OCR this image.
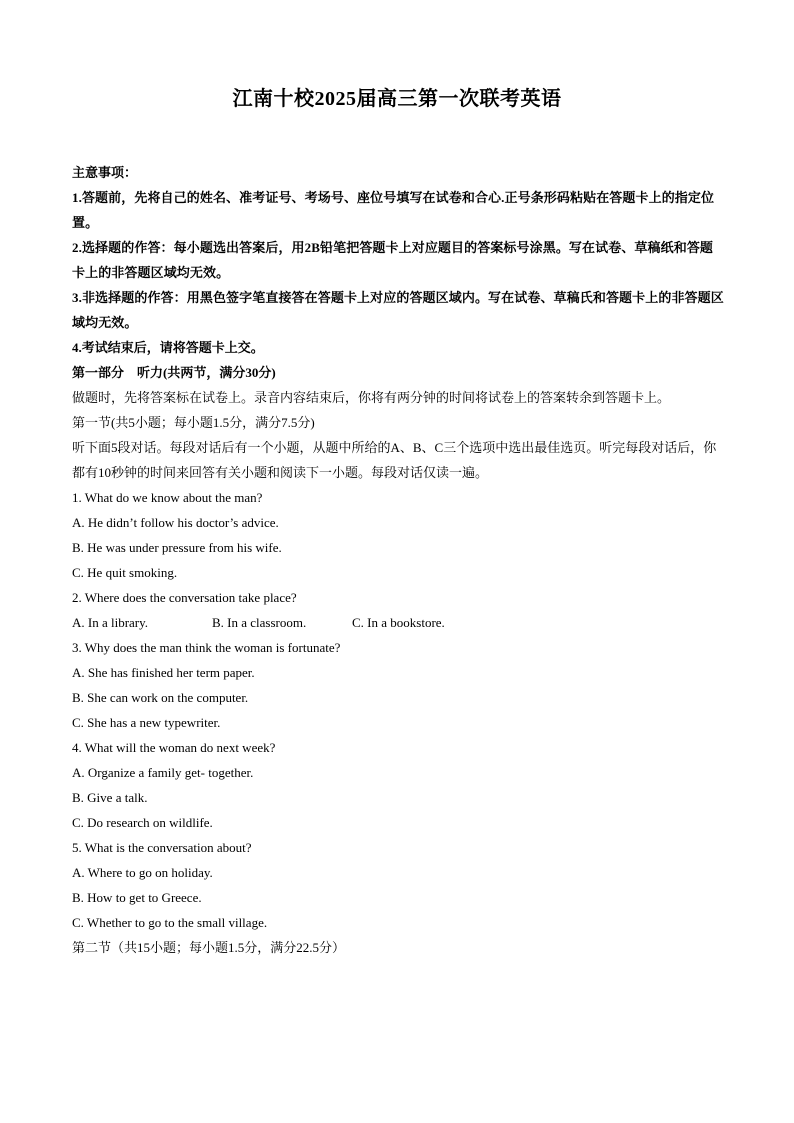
江南十校2025届高三第一次联考英语
主意事项：
1.答题前，先将自己的姓名、准考证号、考场号、座位号填写在试卷和合心.正号条形码粘贴在答题卡上的指定位置。
2.选择题的作答：每小题选出答案后，用2B铅笔把答题卡上对应题目的答案标号涂黑。写在试卷、草稿纸和答题卡上的非答题区域均无效。
3.非选择题的作答：用黑色签字笔直接答在答题卡上对应的答题区域内。写在试卷、草稿氏和答题卡上的非答题区域均无效。
4.考试结束后，请将答题卡上交。
第一部分　听力(共两节，满分30分)
做题时，先将答案标在试卷上。录音内容结束后，你将有两分钟的时间将试卷上的答案转余到答题卡上。
第一节(共5小题；每小题1.5分，满分7.5分)
听下面5段对话。每段对话后有一个小题，从题中所给的A、B、C三个选项中选出最佳选页。听完每段对话后，你都有10秒钟的时间来回答有关小题和阅读下一小题。每段对话仅读一遍。
1. What do we know about the man?
A. He didn’t follow his doctor’s advice.
B. He was under pressure from his wife.
C. He quit smoking.
2. Where does the conversation take place?
A. In a library.	B. In a classroom.	C. In a bookstore.
3. Why does the man think the woman is fortunate?
A. She has finished her term paper.
B. She can work on the computer.
C. She has a new typewriter.
4. What will the woman do next week?
A. Organize a family get- together.
B. Give a talk.
C. Do research on wildlife.
5. What is the conversation about?
A. Where to go on holiday.
B. How to get to Greece.
C. Whether to go to the small village.
第二节（共15小题；每小题1.5分，满分22.5分）
